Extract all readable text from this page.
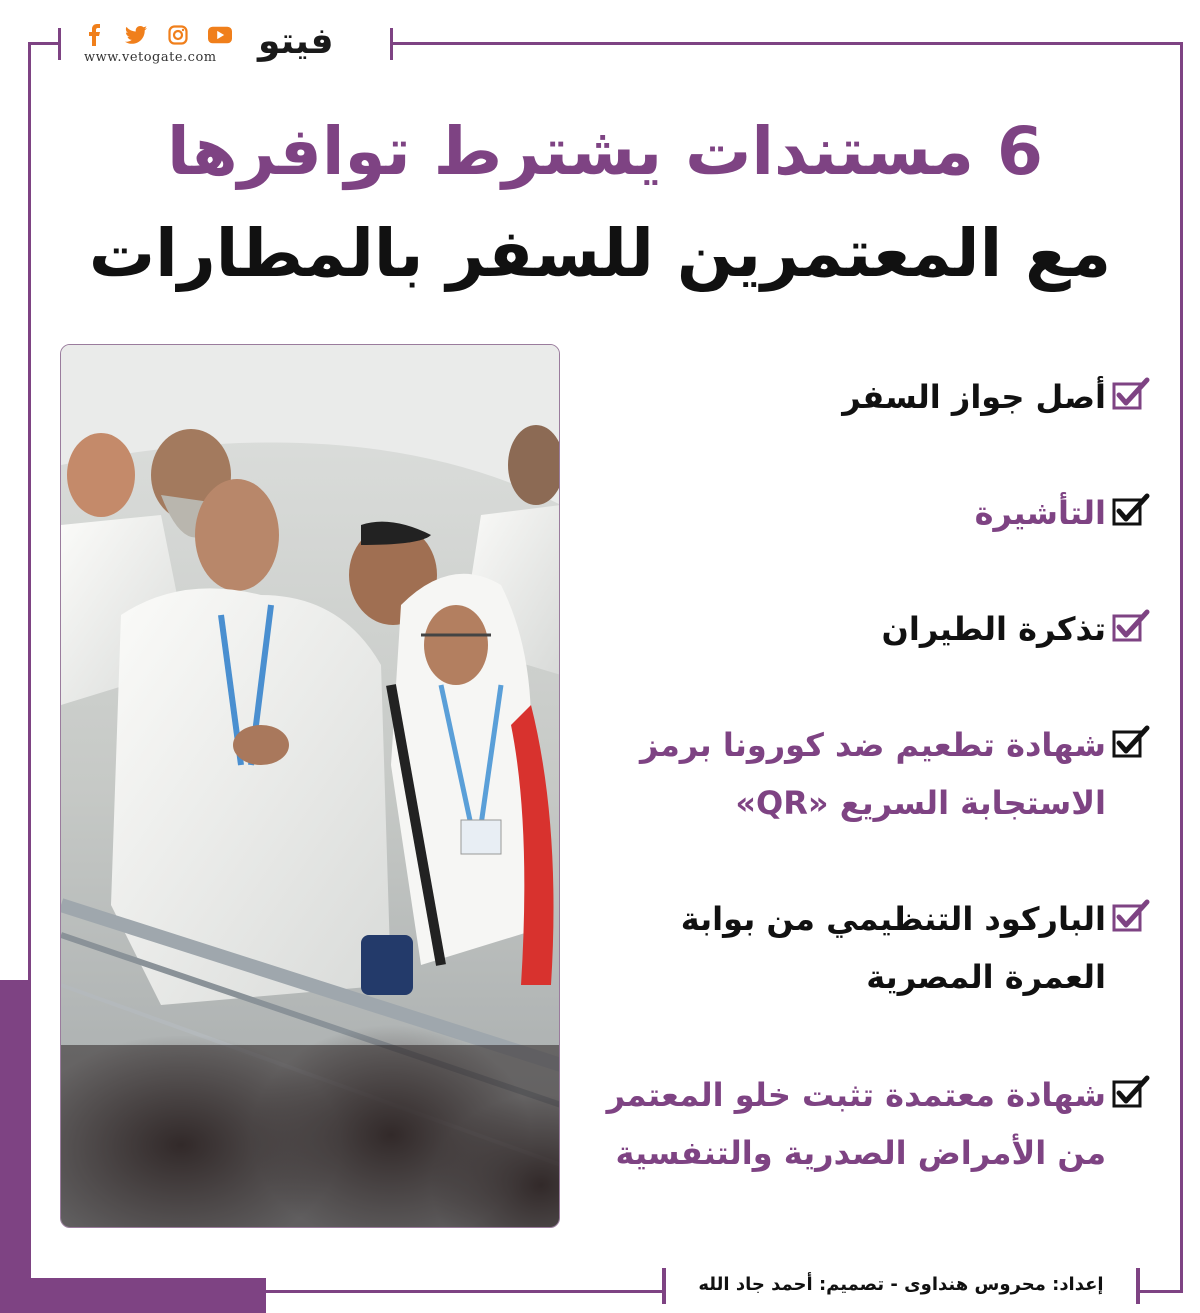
www.vetogate.com فيتو
6 مستندات يشترط توافرها
مع المعتمرين للسفر بالمطارات
أصل جواز السفر
التأشيرة
تذكرة الطيران
شهادة تطعيم ضد كورونا برمز الاستجابة السريع «QR»
الباركود التنظيمي من بوابة العمرة المصرية
شهادة معتمدة تثبت خلو المعتمر من الأمراض الصدرية والتنفسية
إعداد: محروس هنداوى - تصميم: أحمد جاد الله
